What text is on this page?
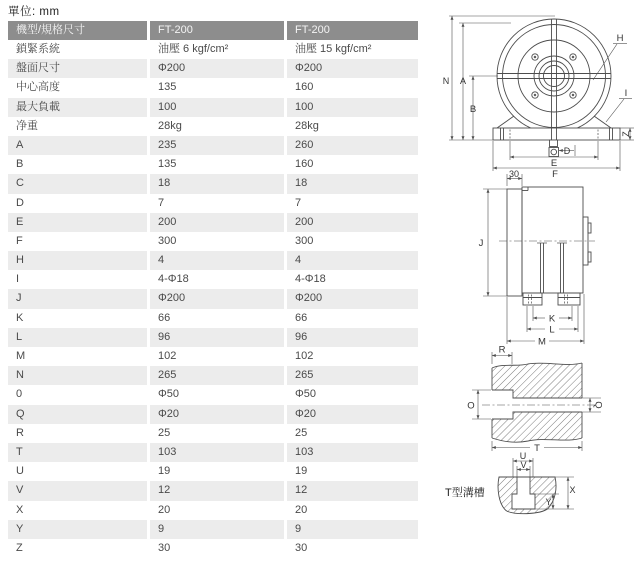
單位: mm
機型/規格尺寸	FT-200	FT-200
鎖緊系統	油壓 6 kgf/cm²	油壓 15 kgf/cm²
盤面尺寸	Φ200	Φ200
中心高度	135	160
最大負載	100	100
净重	28kg	28kg
A	235	260
B	135	160
C	18	18
D	7	7
E	200	200
F	300	300
H	4	4
I	4-Φ18	4-Φ18
J	Φ200	Φ200
K	66	66
L	96	96
M	102	102
N	265	265
0	Φ50	Φ50
Q	Φ20	Φ20
R	25	25
T	103	103
U	19	19
V	12	12
X	20	20
Y	9	9
Z	30	30
N A
B
H
I
Z
D
E
F
30
J
K
L
M
R
O	Q
T
U
V
X
Y
T型溝槽
